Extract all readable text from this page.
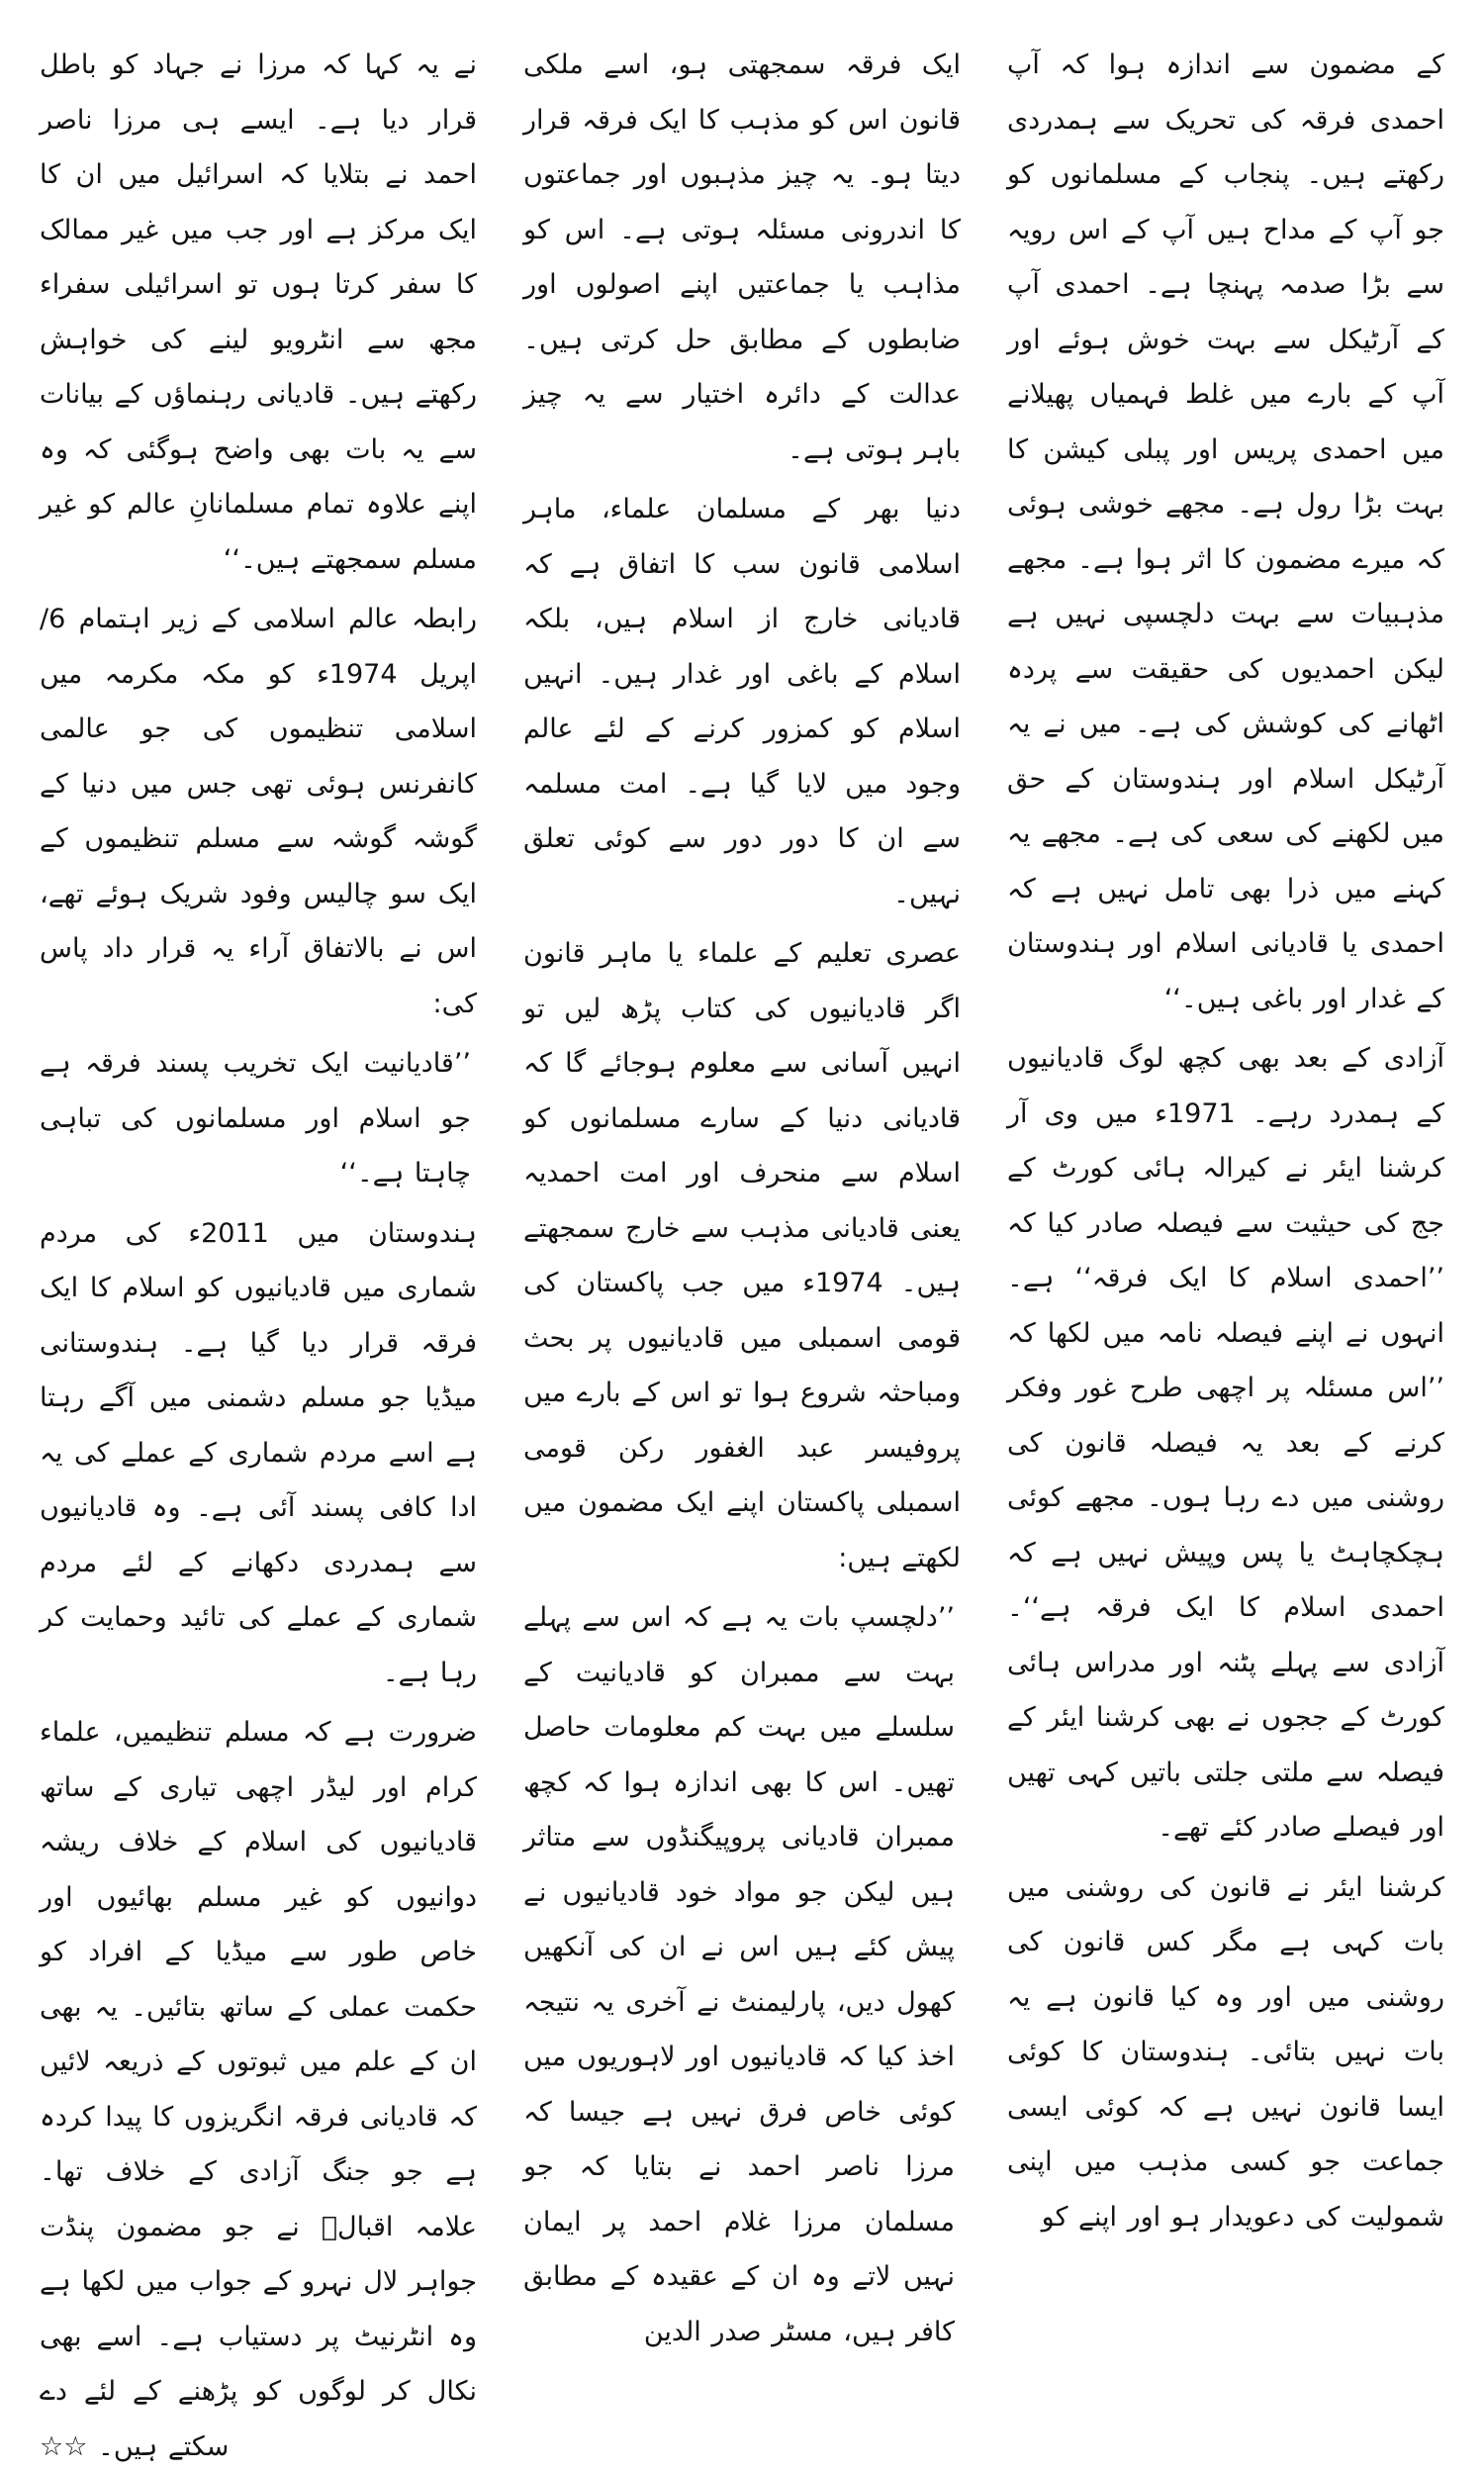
کے مضمون سے اندازہ ہوا کہ آپ احمدی فرقہ کی تحریک سے ہمدردی رکھتے ہیں۔ پنجاب کے مسلمانوں کو جو آپ کے مداح ہیں آپ کے اس رویہ سے بڑا صدمہ پہنچا ہے۔ احمدی آپ کے آرٹیکل سے بہت خوش ہوئے اور آپ کے بارے میں غلط فہمیاں پھیلانے میں احمدی پریس اور پبلی کیشن کا بہت بڑا رول ہے۔ مجھے خوشی ہوئی کہ میرے مضمون کا اثر ہوا ہے۔ مجھے مذہبیات سے بہت دلچسپی نہیں ہے لیکن احمدیوں کی حقیقت سے پردہ اٹھانے کی کوشش کی ہے۔ میں نے یہ آرٹیکل اسلام اور ہندوستان کے حق میں لکھنے کی سعی کی ہے۔ مجھے یہ کہنے میں ذرا بھی تامل نہیں ہے کہ احمدی یا قادیانی اسلام اور ہندوستان کے غدار اور باغی ہیں۔‘‘

آزادی کے بعد بھی کچھ لوگ قادیانیوں کے ہمدرد رہے۔ 1971ء میں وی آر کرشنا ایئر نے کیرالہ ہائی کورٹ کے جج کی حیثیت سے فیصلہ صادر کیا کہ ’’احمدی اسلام کا ایک فرقہ‘‘ ہے۔ انہوں نے اپنے فیصلہ نامہ میں لکھا کہ ’’اس مسئلہ پر اچھی طرح غور وفکر کرنے کے بعد یہ فیصلہ قانون کی روشنی میں دے رہا ہوں۔ مجھے کوئی ہچکچاہٹ یا پس وپیش نہیں ہے کہ احمدی اسلام کا ایک فرقہ ہے‘‘۔ آزادی سے پہلے پٹنہ اور مدراس ہائی کورٹ کے ججوں نے بھی کرشنا ایئر کے فیصلہ سے ملتی جلتی باتیں کہی تھیں اور فیصلے صادر کئے تھے۔

کرشنا ایئر نے قانون کی روشنی میں بات کہی ہے مگر کس قانون کی روشنی میں اور وہ کیا قانون ہے یہ بات نہیں بتائی۔ ہندوستان کا کوئی ایسا قانون نہیں ہے کہ کوئی ایسی جماعت جو کسی مذہب میں اپنی شمولیت کی دعویدار ہو اور اپنے کو

ایک فرقہ سمجھتی ہو، اسے ملکی قانون اس کو مذہب کا ایک فرقہ قرار دیتا ہو۔ یہ چیز مذہبوں اور جماعتوں کا اندرونی مسئلہ ہوتی ہے۔ اس کو مذاہب یا جماعتیں اپنے اصولوں اور ضابطوں کے مطابق حل کرتی ہیں۔ عدالت کے دائرہ اختیار سے یہ چیز باہر ہوتی ہے۔

دنیا بھر کے مسلمان علماء، ماہر اسلامی قانون سب کا اتفاق ہے کہ قادیانی خارج از اسلام ہیں، بلکہ اسلام کے باغی اور غدار ہیں۔ انہیں اسلام کو کمزور کرنے کے لئے عالم وجود میں لایا گیا ہے۔ امت مسلمہ سے ان کا دور دور سے کوئی تعلق نہیں۔

عصری تعلیم کے علماء یا ماہر قانون اگر قادیانیوں کی کتاب پڑھ لیں تو انہیں آسانی سے معلوم ہوجائے گا کہ قادیانی دنیا کے سارے مسلمانوں کو اسلام سے منحرف اور امت احمدیہ یعنی قادیانی مذہب سے خارج سمجھتے ہیں۔ 1974ء میں جب پاکستان کی قومی اسمبلی میں قادیانیوں پر بحث ومباحثہ شروع ہوا تو اس کے بارے میں پروفیسر عبد الغفور رکن قومی اسمبلی پاکستان اپنے ایک مضمون میں لکھتے ہیں:

’’دلچسپ بات یہ ہے کہ اس سے پہلے بہت سے ممبران کو قادیانیت کے سلسلے میں بہت کم معلومات حاصل تھیں۔ اس کا بھی اندازہ ہوا کہ کچھ ممبران قادیانی پروپیگنڈوں سے متاثر ہیں لیکن جو مواد خود قادیانیوں نے پیش کئے ہیں اس نے ان کی آنکھیں کھول دیں، پارلیمنٹ نے آخری یہ نتیجہ اخذ کیا کہ قادیانیوں اور لاہوریوں میں کوئی خاص فرق نہیں ہے جیسا کہ مرزا ناصر احمد نے بتایا کہ جو مسلمان مرزا غلام احمد پر ایمان نہیں لاتے وہ ان کے عقیدہ کے مطابق کافر ہیں، مسٹر صدر الدین

نے یہ کہا کہ مرزا نے جہاد کو باطل قرار دیا ہے۔ ایسے ہی مرزا ناصر احمد نے بتلایا کہ اسرائیل میں ان کا ایک مرکز ہے اور جب میں غیر ممالک کا سفر کرتا ہوں تو اسرائیلی سفراء مجھ سے انٹرویو لینے کی خواہش رکھتے ہیں۔ قادیانی رہنماؤں کے بیانات سے یہ بات بھی واضح ہوگئی کہ وہ اپنے علاوہ تمام مسلمانانِ عالم کو غیر مسلم سمجھتے ہیں۔‘‘

رابطہ عالم اسلامی کے زیر اہتمام 6/اپریل 1974ء کو مکہ مکرمہ میں اسلامی تنظیموں کی جو عالمی کانفرنس ہوئی تھی جس میں دنیا کے گوشہ گوشہ سے مسلم تنظیموں کے ایک سو چالیس وفود شریک ہوئے تھے، اس نے بالاتفاق آراء یہ قرار داد پاس کی:

’’قادیانیت ایک تخریب پسند فرقہ ہے جو اسلام اور مسلمانوں کی تباہی چاہتا ہے۔‘‘

ہندوستان میں 2011ء کی مردم شماری میں قادیانیوں کو اسلام کا ایک فرقہ قرار دیا گیا ہے۔ ہندوستانی میڈیا جو مسلم دشمنی میں آگے رہتا ہے اسے مردم شماری کے عملے کی یہ ادا کافی پسند آئی ہے۔ وہ قادیانیوں سے ہمدردی دکھانے کے لئے مردم شماری کے عملے کی تائید وحمایت کر رہا ہے۔

ضرورت ہے کہ مسلم تنظیمیں، علماء کرام اور لیڈر اچھی تیاری کے ساتھ قادیانیوں کی اسلام کے خلاف ریشہ دوانیوں کو غیر مسلم بھائیوں اور خاص طور سے میڈیا کے افراد کو حکمت عملی کے ساتھ بتائیں۔ یہ بھی ان کے علم میں ثبوتوں کے ذریعہ لائیں کہ قادیانی فرقہ انگریزوں کا پیدا کردہ ہے جو جنگ آزادی کے خلاف تھا۔ علامہ اقبالؒ نے جو مضمون پنڈت جواہر لال نہرو کے جواب میں لکھا ہے وہ انٹرنیٹ پر دستیاب ہے۔ اسے بھی نکال کر لوگوں کو پڑھنے کے لئے دے سکتے ہیں۔ ☆☆
